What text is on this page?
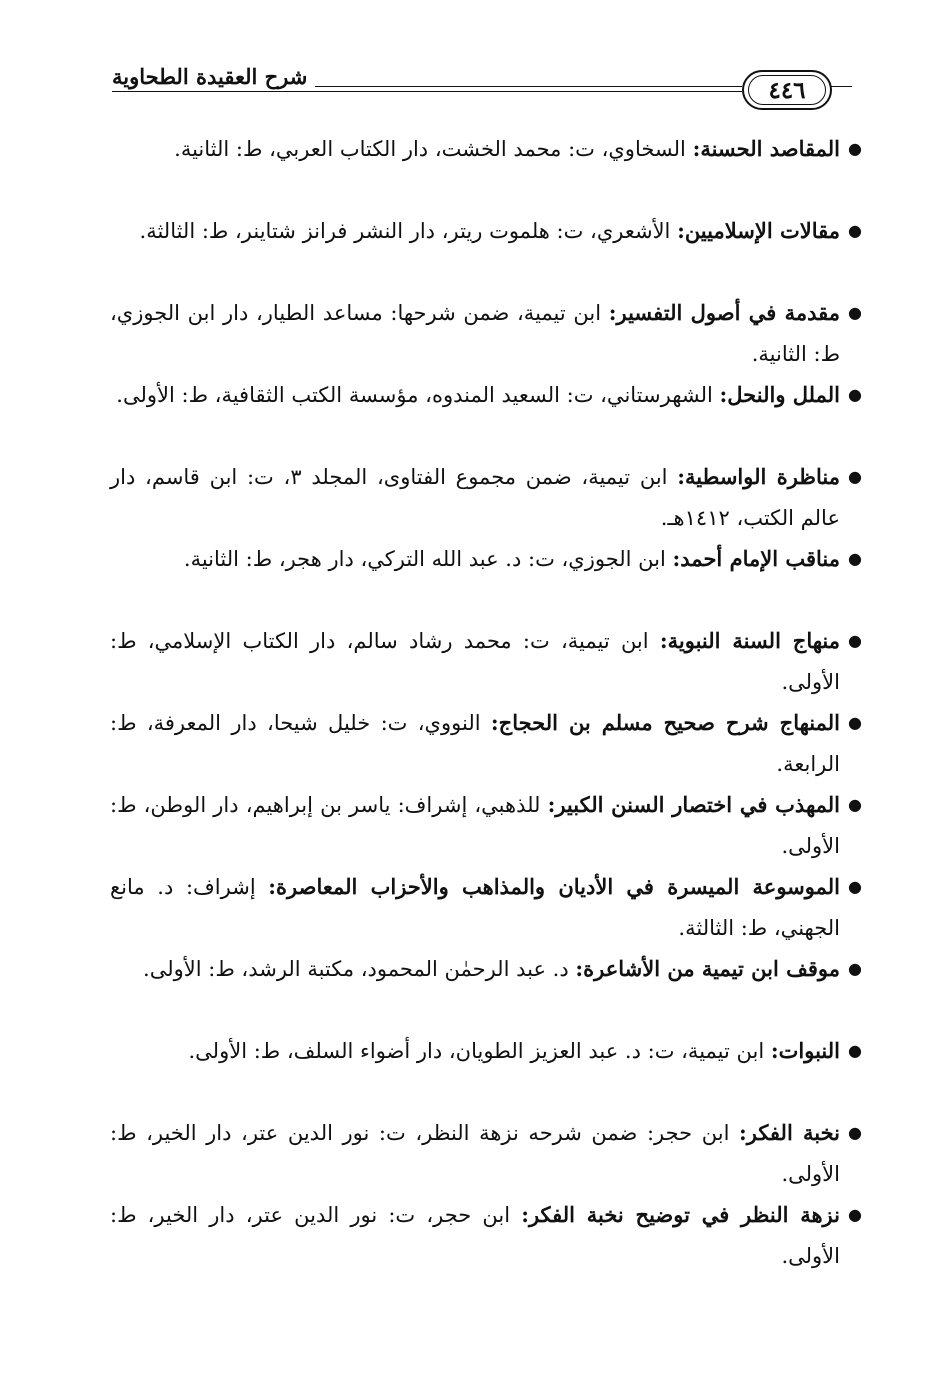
٤٤٦
شرح العقيدة الطحاوية

●
المقاصد الحسنة: السخاوي، ت: محمد الخشت، دار الكتاب العربي، ط: الثانية.

●
مقالات الإسلاميين: الأشعري، ت: هلموت ريتر، دار النشر فرانز شتاينر، ط: الثالثة.

●
مقدمة في أصول التفسير: ابن تيمية، ضمن شرحها: مساعد الطيار، دار ابن الجوزي، ط: الثانية.

●
الملل والنحل: الشهرستاني، ت: السعيد المندوه، مؤسسة الكتب الثقافية، ط: الأولى.

●
مناظرة الواسطية: ابن تيمية، ضمن مجموع الفتاوى، المجلد ٣، ت: ابن قاسم، دار عالم الكتب، ١٤١٢هـ.

●
مناقب الإمام أحمد: ابن الجوزي، ت: د. عبد الله التركي، دار هجر، ط: الثانية.

●
منهاج السنة النبوية: ابن تيمية، ت: محمد رشاد سالم، دار الكتاب الإسلامي، ط: الأولى.

●
المنهاج شرح صحيح مسلم بن الحجاج: النووي، ت: خليل شيحا، دار المعرفة، ط: الرابعة.

●
المهذب في اختصار السنن الكبير: للذهبي، إشراف: ياسر بن إبراهيم، دار الوطن، ط: الأولى.

●
الموسوعة الميسرة في الأديان والمذاهب والأحزاب المعاصرة: إشراف: د. مانع الجهني، ط: الثالثة.

●
موقف ابن تيمية من الأشاعرة: د. عبد الرحمٰن المحمود، مكتبة الرشد، ط: الأولى.

●
النبوات: ابن تيمية، ت: د. عبد العزيز الطويان، دار أضواء السلف، ط: الأولى.

●
نخبة الفكر: ابن حجر: ضمن شرحه نزهة النظر، ت: نور الدين عتر، دار الخير، ط: الأولى.

●
نزهة النظر في توضيح نخبة الفكر: ابن حجر، ت: نور الدين عتر، دار الخير، ط: الأولى.
